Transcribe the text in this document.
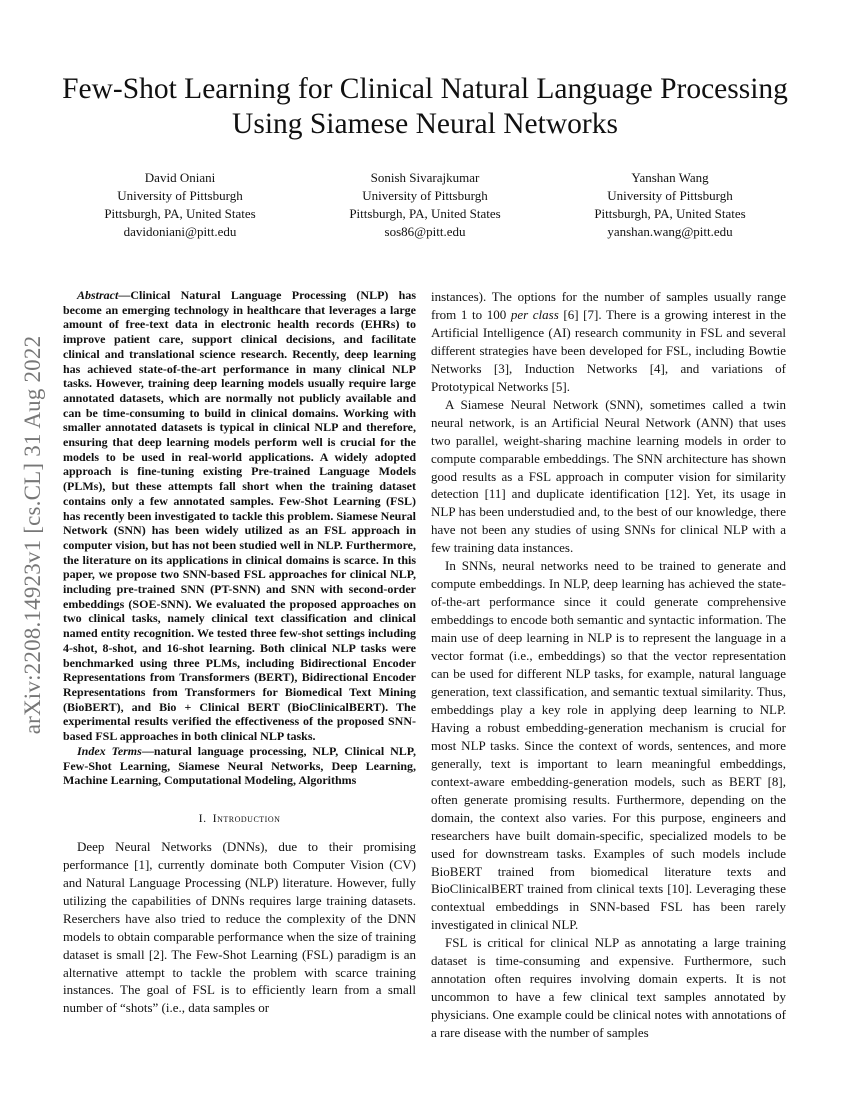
arXiv:2208.14923v1 [cs.CL] 31 Aug 2022
Few-Shot Learning for Clinical Natural Language Processing Using Siamese Neural Networks
David Oniani
University of Pittsburgh
Pittsburgh, PA, United States
davidoniani@pitt.edu
Sonish Sivarajkumar
University of Pittsburgh
Pittsburgh, PA, United States
sos86@pitt.edu
Yanshan Wang
University of Pittsburgh
Pittsburgh, PA, United States
yanshan.wang@pitt.edu

Abstract—Clinical Natural Language Processing (NLP) has become an emerging technology in healthcare that leverages a large amount of free-text data in electronic health records (EHRs) to improve patient care, support clinical decisions, and facilitate clinical and translational science research. Recently, deep learning has achieved state-of-the-art performance in many clinical NLP tasks. However, training deep learning models usually require large annotated datasets, which are normally not publicly available and can be time-consuming to build in clinical domains. Working with smaller annotated datasets is typical in clinical NLP and therefore, ensuring that deep learning models perform well is crucial for the models to be used in real-world applications. A widely adopted approach is fine-tuning existing Pre-trained Language Models (PLMs), but these attempts fall short when the training dataset contains only a few annotated samples. Few-Shot Learning (FSL) has recently been investigated to tackle this problem. Siamese Neural Network (SNN) has been widely utilized as an FSL approach in computer vision, but has not been studied well in NLP. Furthermore, the literature on its applications in clinical domains is scarce. In this paper, we propose two SNN-based FSL approaches for clinical NLP, including pre-trained SNN (PT-SNN) and SNN with second-order embeddings (SOE-SNN). We evaluated the proposed approaches on two clinical tasks, namely clinical text classification and clinical named entity recognition. We tested three few-shot settings including 4-shot, 8-shot, and 16-shot learning. Both clinical NLP tasks were benchmarked using three PLMs, including Bidirectional Encoder Representations from Transformers (BERT), Bidirectional Encoder Representations from Transformers for Biomedical Text Mining (BioBERT), and Bio + Clinical BERT (BioClinicalBERT). The experimental results verified the effectiveness of the proposed SNN-based FSL approaches in both clinical NLP tasks.

Index Terms—natural language processing, NLP, Clinical NLP, Few-Shot Learning, Siamese Neural Networks, Deep Learning, Machine Learning, Computational Modeling, Algorithms

I. Introduction

Deep Neural Networks (DNNs), due to their promising performance [1], currently dominate both Computer Vision (CV) and Natural Language Processing (NLP) literature. However, fully utilizing the capabilities of DNNs requires large training datasets. Reserchers have also tried to reduce the complexity of the DNN models to obtain comparable performance when the size of training dataset is small [2]. The Few-Shot Learning (FSL) paradigm is an alternative attempt to tackle the problem with scarce training instances. The goal of FSL is to efficiently learn from a small number of “shots” (i.e., data samples or

instances). The options for the number of samples usually range from 1 to 100 per class [6] [7]. There is a growing interest in the Artificial Intelligence (AI) research community in FSL and several different strategies have been developed for FSL, including Bowtie Networks [3], Induction Networks [4], and variations of Prototypical Networks [5].

A Siamese Neural Network (SNN), sometimes called a twin neural network, is an Artificial Neural Network (ANN) that uses two parallel, weight-sharing machine learning models in order to compute comparable embeddings. The SNN architecture has shown good results as a FSL approach in computer vision for similarity detection [11] and duplicate identification [12]. Yet, its usage in NLP has been understudied and, to the best of our knowledge, there have not been any studies of using SNNs for clinical NLP with a few training data instances.

In SNNs, neural networks need to be trained to generate and compute embeddings. In NLP, deep learning has achieved the state-of-the-art performance since it could generate comprehensive embeddings to encode both semantic and syntactic information. The main use of deep learning in NLP is to represent the language in a vector format (i.e., embeddings) so that the vector representation can be used for different NLP tasks, for example, natural language generation, text classification, and semantic textual similarity. Thus, embeddings play a key role in applying deep learning to NLP. Having a robust embedding-generation mechanism is crucial for most NLP tasks. Since the context of words, sentences, and more generally, text is important to learn meaningful embeddings, context-aware embedding-generation models, such as BERT [8], often generate promising results. Furthermore, depending on the domain, the context also varies. For this purpose, engineers and researchers have built domain-specific, specialized models to be used for downstream tasks. Examples of such models include BioBERT trained from biomedical literature texts and BioClinicalBERT trained from clinical texts [10]. Leveraging these contextual embeddings in SNN-based FSL has been rarely investigated in clinical NLP.

FSL is critical for clinical NLP as annotating a large training dataset is time-consuming and expensive. Furthermore, such annotation often requires involving domain experts. It is not uncommon to have a few clinical text samples annotated by physicians. One example could be clinical notes with annotations of a rare disease with the number of samples
